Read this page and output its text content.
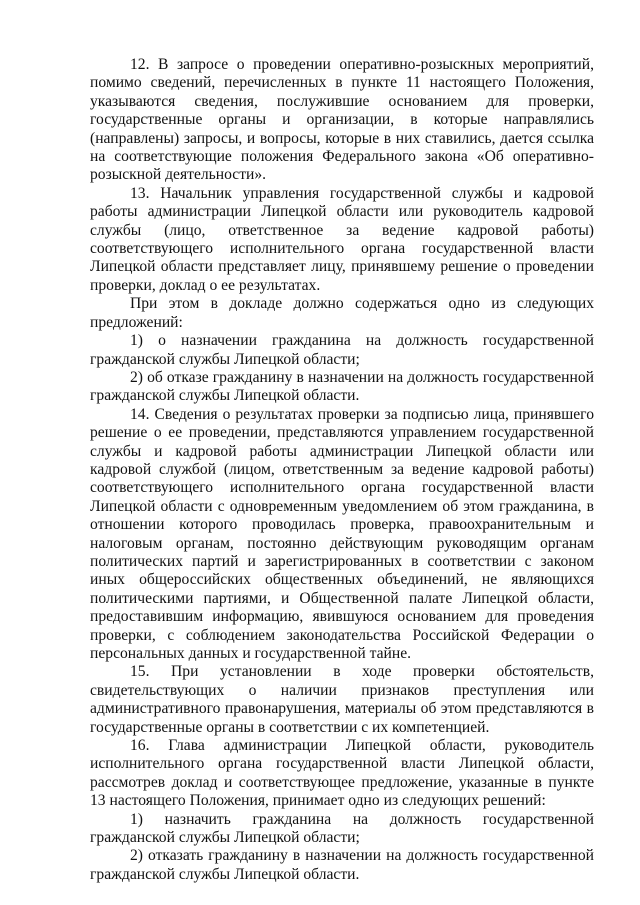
12. В запросе о проведении оперативно-розыскных мероприятий, помимо сведений, перечисленных в пункте 11 настоящего Положения, указываются сведения, послужившие основанием для проверки, государственные органы и организации, в которые направлялись (направлены) запросы, и вопросы, которые в них ставились, дается ссылка на соответствующие положения Федерального закона «Об оперативно-розыскной деятельности».

13. Начальник управления государственной службы и кадровой работы администрации Липецкой области или руководитель кадровой службы (лицо, ответственное за ведение кадровой работы) соответствующего исполнительного органа государственной власти Липецкой области представляет лицу, принявшему решение о проведении проверки, доклад о ее результатах.

При этом в докладе должно содержаться одно из следующих предложений:

1) о назначении гражданина на должность государственной гражданской службы Липецкой области;

2) об отказе гражданину в назначении на должность государственной гражданской службы Липецкой области.

14. Сведения о результатах проверки за подписью лица, принявшего решение о ее проведении, представляются управлением государственной службы и кадровой работы администрации Липецкой области или кадровой службой (лицом, ответственным за ведение кадровой работы) соответствующего исполнительного органа государственной власти Липецкой области с одновременным уведомлением об этом гражданина, в отношении которого проводилась проверка, правоохранительным и налоговым органам, постоянно действующим руководящим органам политических партий и зарегистрированных в соответствии с законом иных общероссийских общественных объединений, не являющихся политическими партиями, и Общественной палате Липецкой области, предоставившим информацию, явившуюся основанием для проведения проверки, с соблюдением законодательства Российской Федерации о персональных данных и государственной тайне.

15. При установлении в ходе проверки обстоятельств, свидетельствующих о наличии признаков преступления или административного правонарушения, материалы об этом представляются в государственные органы в соответствии с их компетенцией.

16. Глава администрации Липецкой области, руководитель исполнительного органа государственной власти Липецкой области, рассмотрев доклад и соответствующее предложение, указанные в пункте 13 настоящего Положения, принимает одно из следующих решений:

1) назначить гражданина на должность государственной гражданской службы Липецкой области;

2) отказать гражданину в назначении на должность государственной гражданской службы Липецкой области.
